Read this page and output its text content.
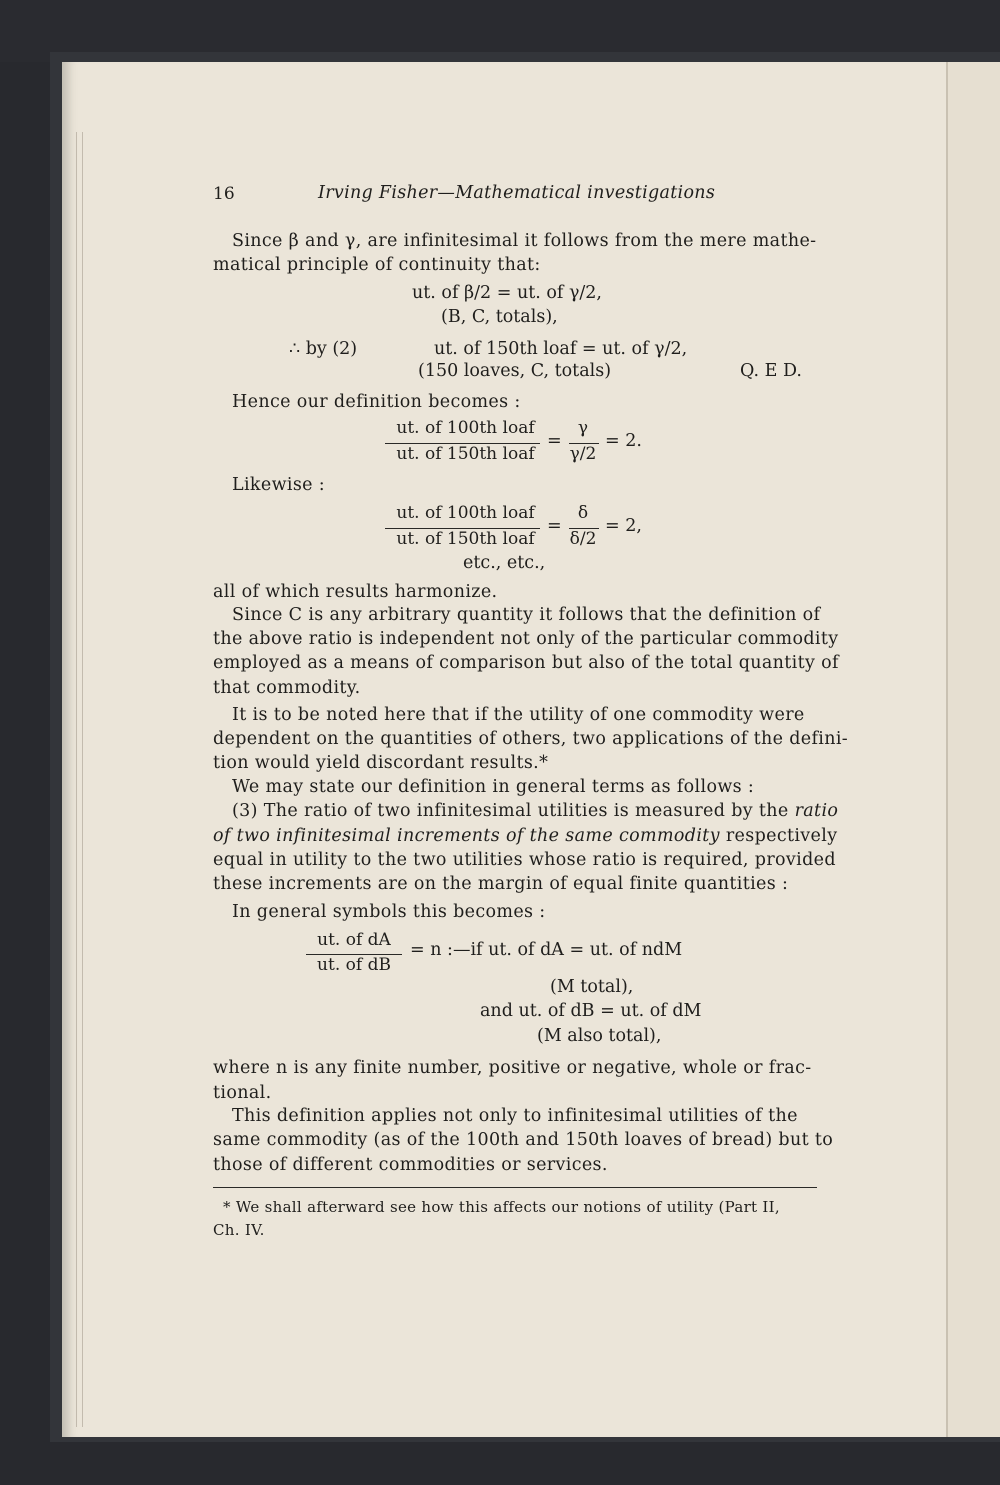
16	Irving Fisher—Mathematical investigations
Since β and γ, are infinitesimal it follows from the mere mathe-
matical principle of continuity that:
ut. of β/2 = ut. of γ/2,
(B, C, totals),
∴ by (2)	ut. of 150th loaf = ut. of γ/2,
(150 loaves, C, totals)	Q. E D.
Hence our definition becomes :
ut. of 100th loaf
ut. of 150th loaf
=
γ
γ/2
= 2.
Likewise :
ut. of 100th loaf
ut. of 150th loaf
=
δ
δ/2
= 2,
etc., etc.,
all of which results harmonize.
Since C is any arbitrary quantity it follows that the definition of
the above ratio is independent not only of the particular commodity
employed as a means of comparison but also of the total quantity of
that commodity.
It is to be noted here that if the utility of one commodity were
dependent on the quantities of others, two applications of the defini-
tion would yield discordant results.*
We may state our definition in general terms as follows :
(3) The ratio of two infinitesimal utilities is measured by the ratio
of two infinitesimal increments of the same commodity respectively
equal in utility to the two utilities whose ratio is required, provided
these increments are on the margin of equal finite quantities :
In general symbols this becomes :
ut. of dA
ut. of dB
= n :—if ut. of dA = ut. of ndM
(M total),
and ut. of dB = ut. of dM
(M also total),
where n is any finite number, positive or negative, whole or frac-
tional.
This definition applies not only to infinitesimal utilities of the
same commodity (as of the 100th and 150th loaves of bread) but to
those of different commodities or services.
* We shall afterward see how this affects our notions of utility (Part II,
Ch. IV.
